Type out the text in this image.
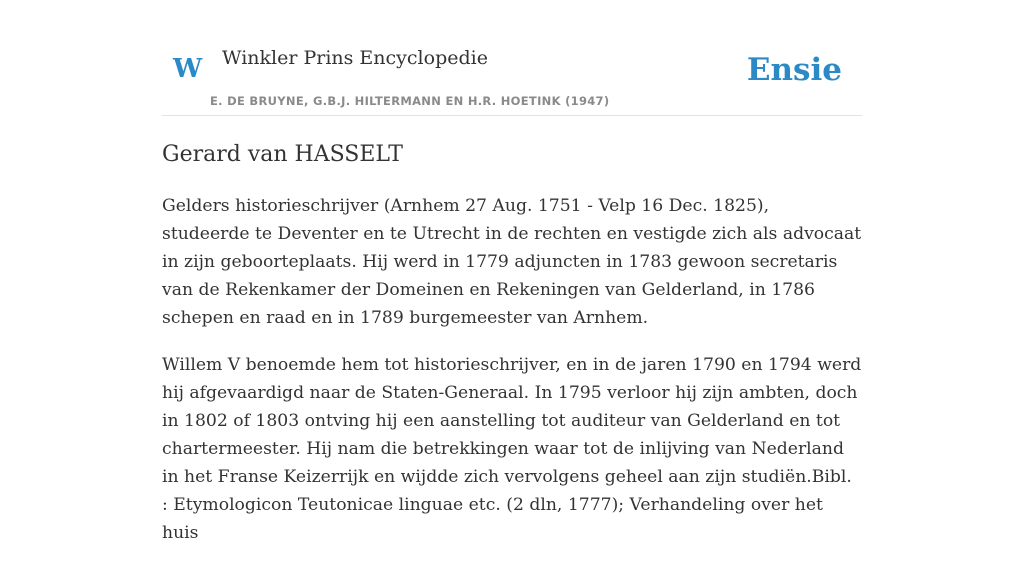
W Winkler Prins Encyclopedie
E. DE BRUYNE, G.B.J. HILTERMANN EN H.R. HOETINK (1947)
Ensie
Gerard van HASSELT

Gelders historieschrijver (Arnhem 27 Aug. 1751 - Velp 16 Dec. 1825), studeerde te Deventer en te Utrecht in de rechten en vestigde zich als advocaat in zijn geboorteplaats. Hij werd in 1779 adjuncten in 1783 gewoon secretaris van de Rekenkamer der Domeinen en Rekeningen van Gelderland, in 1786 schepen en raad en in 1789 burgemeester van Arnhem.

Willem V benoemde hem tot historieschrijver, en in de jaren 1790 en 1794 werd hij afgevaardigd naar de Staten-Generaal. In 1795 verloor hij zijn ambten, doch in 1802 of 1803 ontving hij een aanstelling tot auditeur van Gelderland en tot chartermeester. Hij nam die betrekkingen waar tot de inlijving van Nederland in het Franse Keizerrijk en wijdde zich vervolgens geheel aan zijn studiën.Bibl. : Etymologicon Teutonicae linguae etc. (2 dln, 1777); Verhandeling over het huis
